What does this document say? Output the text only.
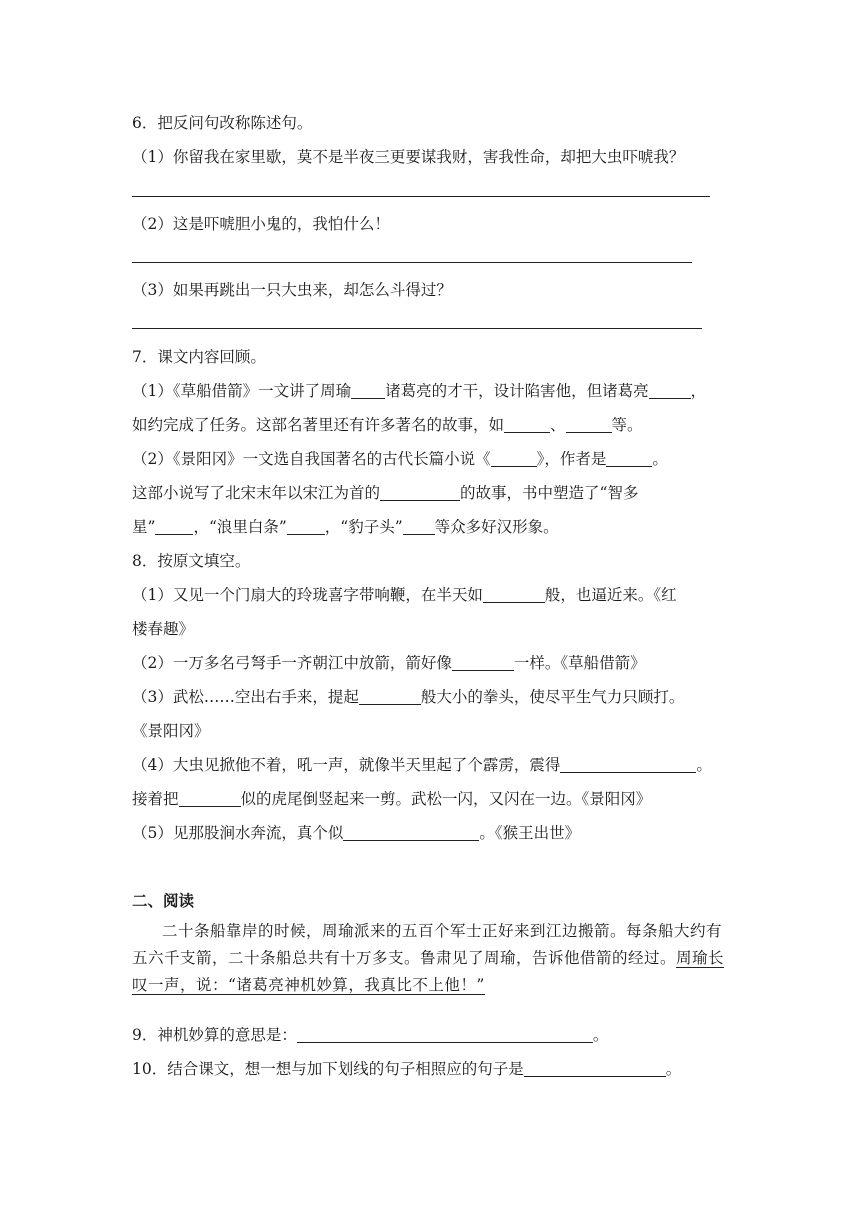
6．把反问句改称陈述句。
（1）你留我在家里歇，莫不是半夜三更要谋我财，害我性命，却把大虫吓唬我？
（2）这是吓唬胆小鬼的，我怕什么！
（3）如果再跳出一只大虫来，却怎么斗得过？
7．课文内容回顾。
（1）《草船借箭》一文讲了周瑜 诸葛亮的才干，设计陷害他，但诸葛亮	，
如约完成了任务。这部名著里还有许多著名的故事，如	、	等。
（2）《景阳冈》一文选自我国著名的古代长篇小说《	》，作者是	。
这部小说写了北宋末年以宋江为首的	的故事，书中塑造了“智多
星” ，“浪里白条” ，“豹子头” 等众多好汉形象。
8．按原文填空。
（1）又见一个门扇大的玲珑喜字带响鞭，在半天如	般，也逼近来。《红
楼春趣》
（2）一万多名弓弩手一齐朝江中放箭，箭好像	一样。《草船借箭》
（3）武松……空出右手来，提起	般大小的拳头，使尽平生气力只顾打。
《景阳冈》
（4）大虫见掀他不着，吼一声，就像半天里起了个霹雳，震得	。
接着把	似的虎尾倒竖起来一剪。武松一闪，又闪在一边。《景阳冈》
（5）见那股涧水奔流，真个似	。《猴王出世》
二、阅读

二十条船靠岸的时候，周瑜派来的五百个军士正好来到江边搬箭。每条船大约有五六千支箭，二十条船总共有十万多支。鲁肃见了周瑜，告诉他借箭的经过。周瑜长叹一声，说：“诸葛亮神机妙算，我真比不上他！”

9．神机妙算的意思是：	。
10．结合课文，想一想与加下划线的句子相照应的句子是	。
